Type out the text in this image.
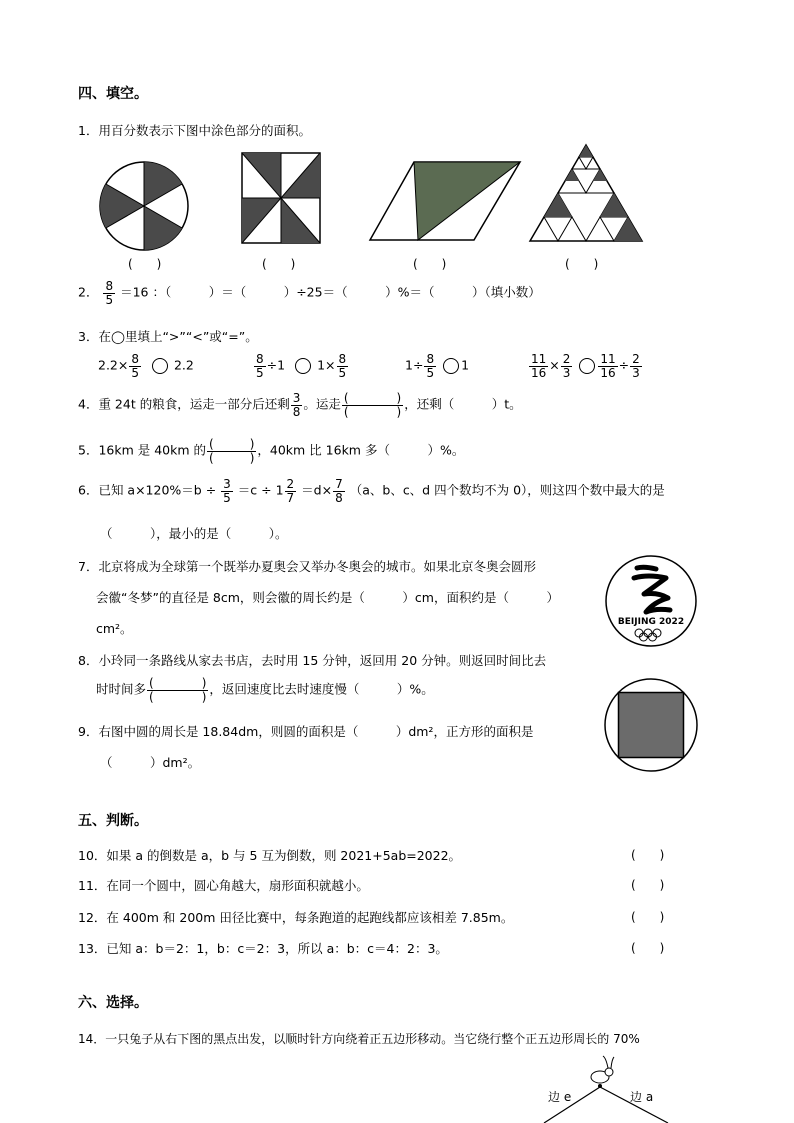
四、填空。
1．用百分数表示下图中涂色部分的面积。
(　　)	(　　)	(　　)	(　　)
2． $\frac{8}{5} =16$ ：（　　　）＝（　　　）÷25＝（　　　）%＝（　　　）（填小数）
3．在◯里填上“>”“<”或“=”。
$2.2\times \frac{8}{5}$	2.2	$\frac{8}{5} \div 1$	$1\times \frac{8}{5}$	$1\div \frac{8}{5} 1$	$\frac{11}{16} \times \frac{2}{3}$
$\frac{11}{16} \div \frac{2}{3}$
4．重 24t 的粮食，运走一部分后还剩 $\frac{3}{8}$ 。运走 $\frac{( )}{( )}$ ，还剩（　　　）t。
5．16km 是 40km 的 $\frac{( )}{( )}$ ，40km 比 16km 多（　　　）%。
6．已知 $a\times 120\%=b \div \frac{3}{5} =c \div 1 \frac{2}{7} =d\times \frac{7}{8} (a$、b、c、d 四个数均不为 0），则这四个数中最大的是
（　　　），最小的是（　　　）。
7．北京将成为全球第一个既举办夏奥会又举办冬奥会的城市。如果北京冬奥会圆形
会徽“冬梦”的直径是 8cm，则会徽的周长约是（　　　）cm，面积约是（　　　）
cm²。	BEIJING 2022
8．小玲同一条路线从家去书店，去时用 15 分钟，返回用 20 分钟。则返回时间比去
时时间多 $\frac{( )}{( )}$ ，返回速度比去时速度慢（　　　）%。
9．右图中圆的周长是 18.84dm，则圆的面积是（　　　）dm²，正方形的面积是
（　　　）dm²。
五、判断。
10．如果 a 的倒数是 a，b 与 5 互为倒数，则 2021+5ab=2022。	(　　)
11．在同一个圆中，圆心角越大，扇形面积就越小。	(　　)
12．在 400m 和 200m 田径比赛中，每条跑道的起跑线都应该相差 7.85m。	(　　)
13．已知 a：b＝2：1，b：c＝2：3，所以 a：b：c＝4：2：3。	(　　)
六、选择。
14．一只兔子从右下图的黑点出发，以顺时针方向绕着正五边形移动。当它绕行整个正五边形周长的 70%
边 e	边 a
